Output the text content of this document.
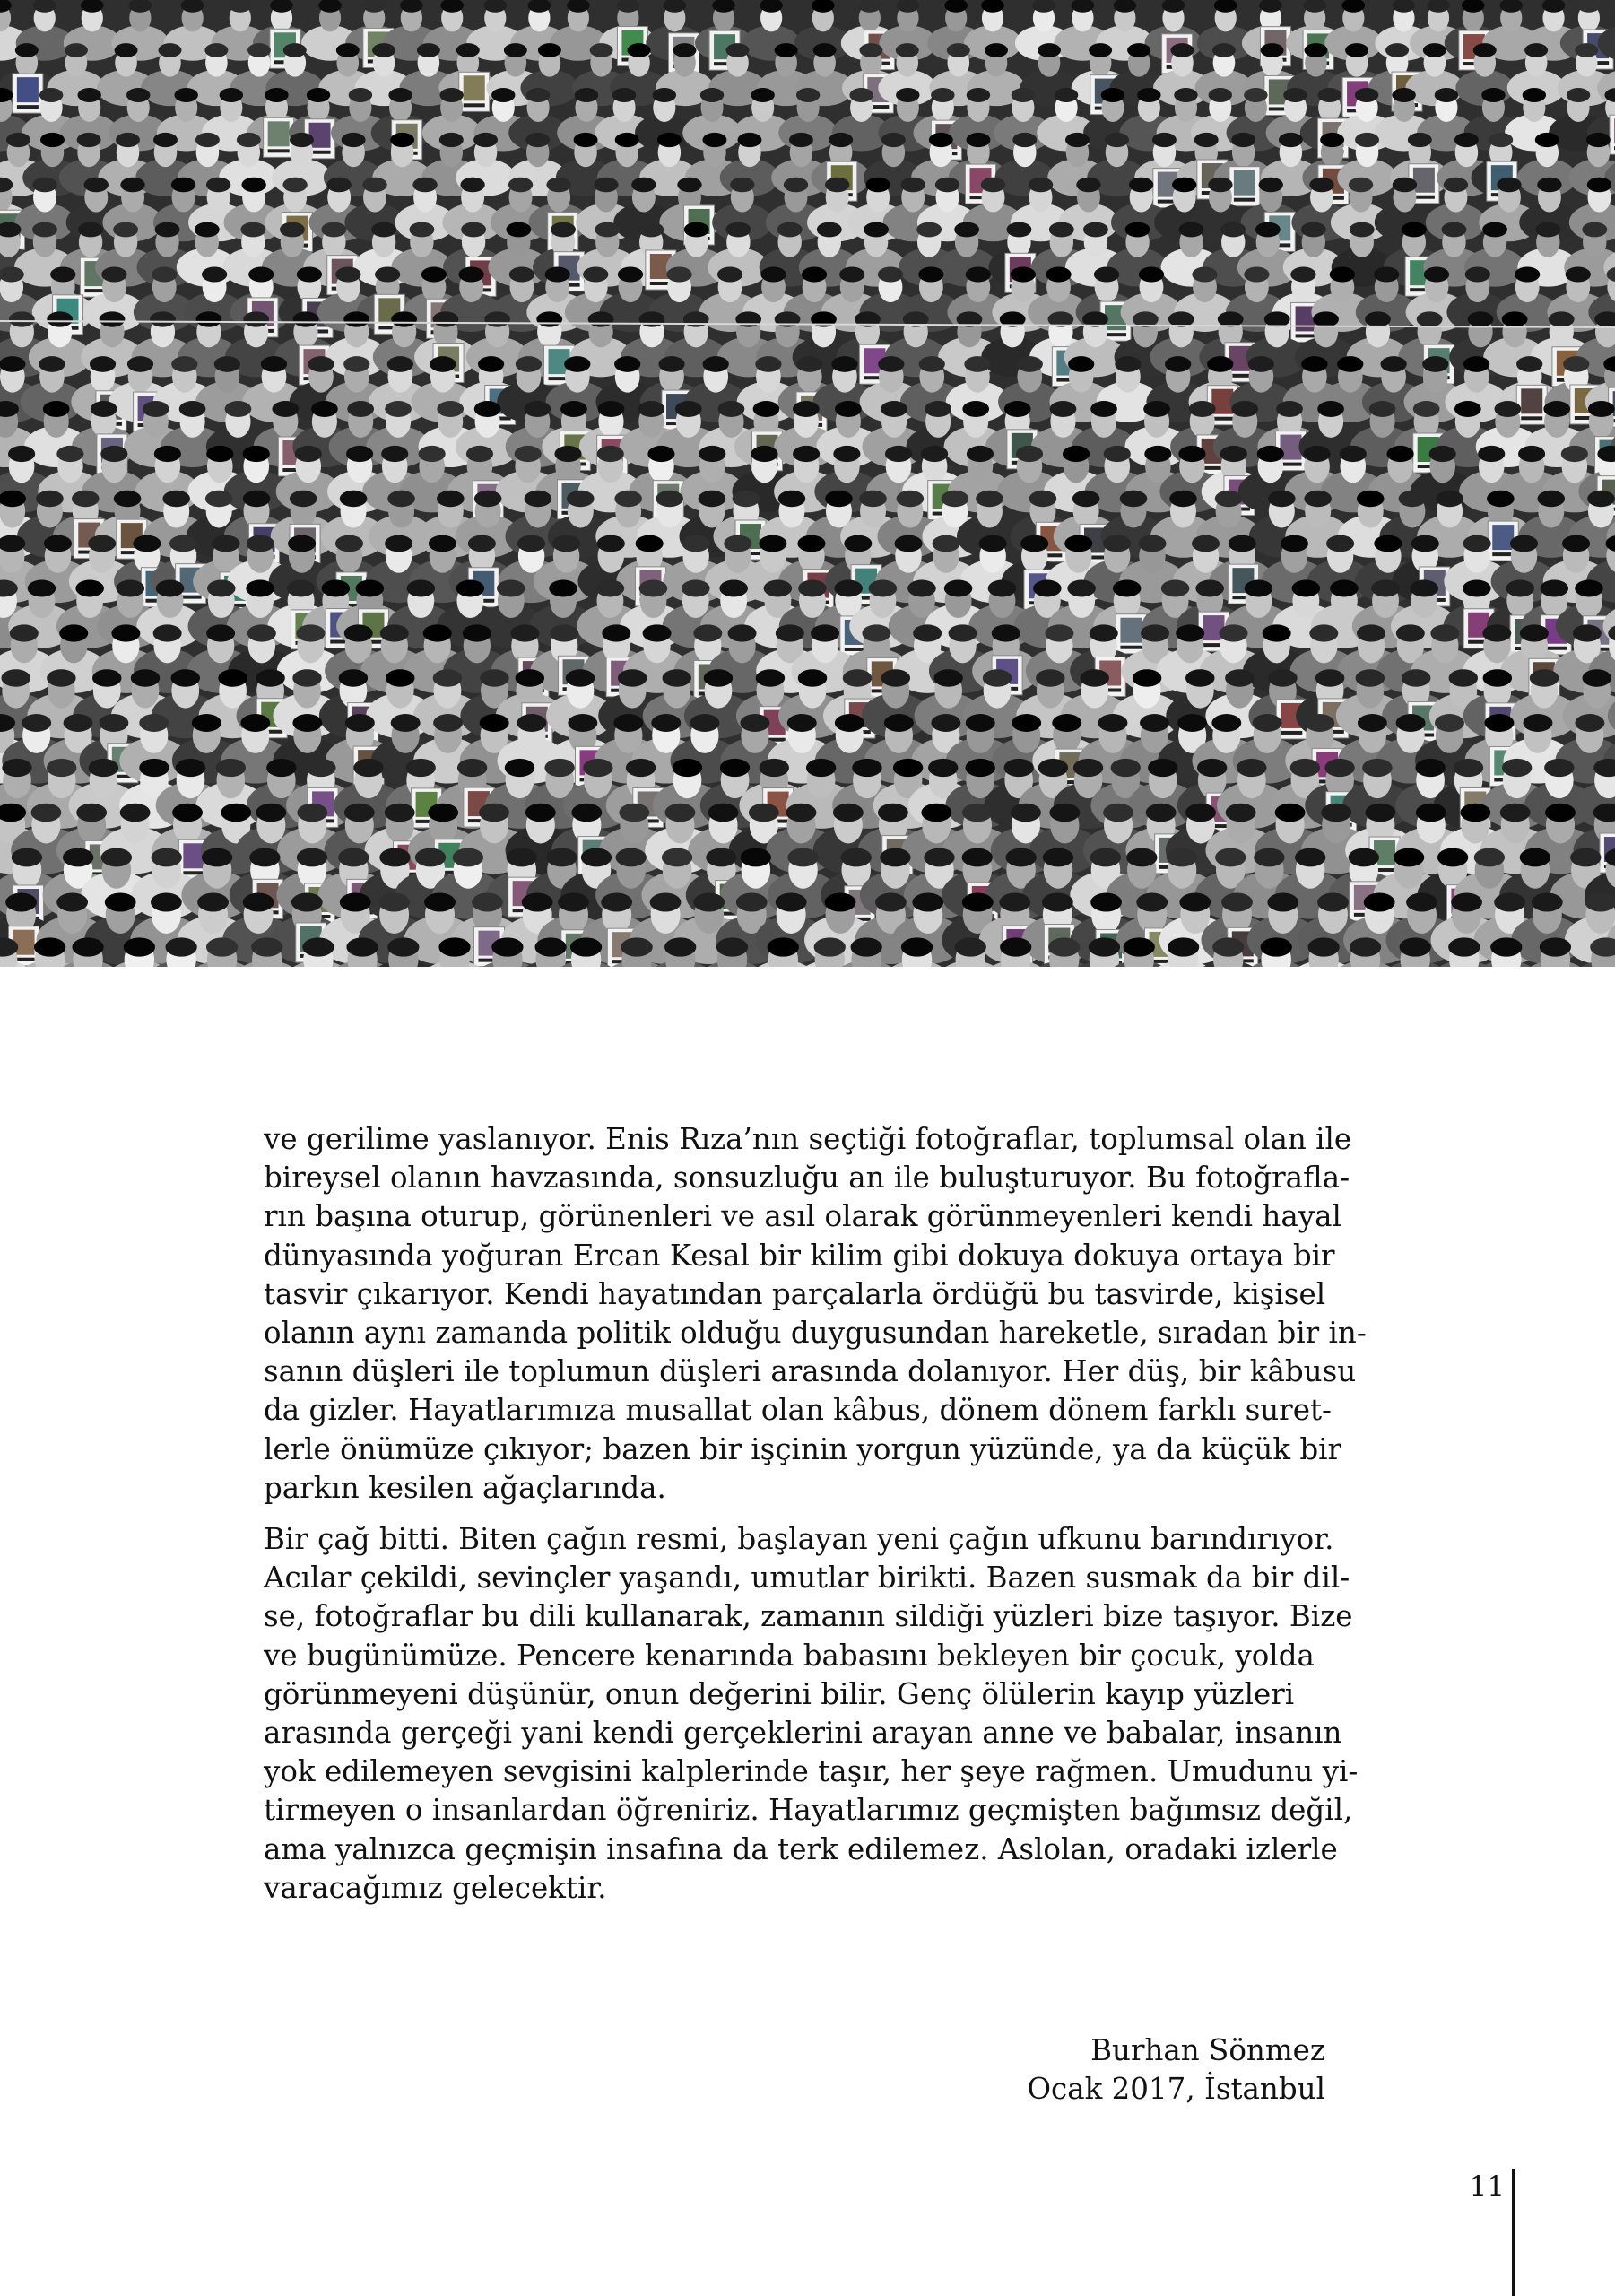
ve gerilime yaslanıyor. Enis Rıza’nın seçtiği fotoğraflar, toplumsal olan ile
bireysel olanın havzasında, sonsuzluğu an ile buluşturuyor. Bu fotoğrafla-
rın başına oturup, görünenleri ve asıl olarak görünmeyenleri kendi hayal
dünyasında yoğuran Ercan Kesal bir kilim gibi dokuya dokuya ortaya bir
tasvir çıkarıyor. Kendi hayatından parçalarla ördüğü bu tasvirde, kişisel
olanın aynı zamanda politik olduğu duygusundan hareketle, sıradan bir in-
sanın düşleri ile toplumun düşleri arasında dolanıyor. Her düş, bir kâbusu
da gizler. Hayatlarımıza musallat olan kâbus, dönem dönem farklı suret-
lerle önümüze çıkıyor; bazen bir işçinin yorgun yüzünde, ya da küçük bir
parkın kesilen ağaçlarında.

Bir çağ bitti. Biten çağın resmi, başlayan yeni çağın ufkunu barındırıyor.
Acılar çekildi, sevinçler yaşandı, umutlar birikti. Bazen susmak da bir dil-
se, fotoğraflar bu dili kullanarak, zamanın sildiği yüzleri bize taşıyor. Bize
ve bugünümüze. Pencere kenarında babasını bekleyen bir çocuk, yolda
görünmeyeni düşünür, onun değerini bilir. Genç ölülerin kayıp yüzleri
arasında gerçeği yani kendi gerçeklerini arayan anne ve babalar, insanın
yok edilemeyen sevgisini kalplerinde taşır, her şeye rağmen. Umudunu yi-
tirmeyen o insanlardan öğreniriz. Hayatlarımız geçmişten bağımsız değil,
ama yalnızca geçmişin insafına da terk edilemez. Aslolan, oradaki izlerle
varacağımız gelecektir.

Burhan Sönmez
Ocak 2017, İstanbul
11
